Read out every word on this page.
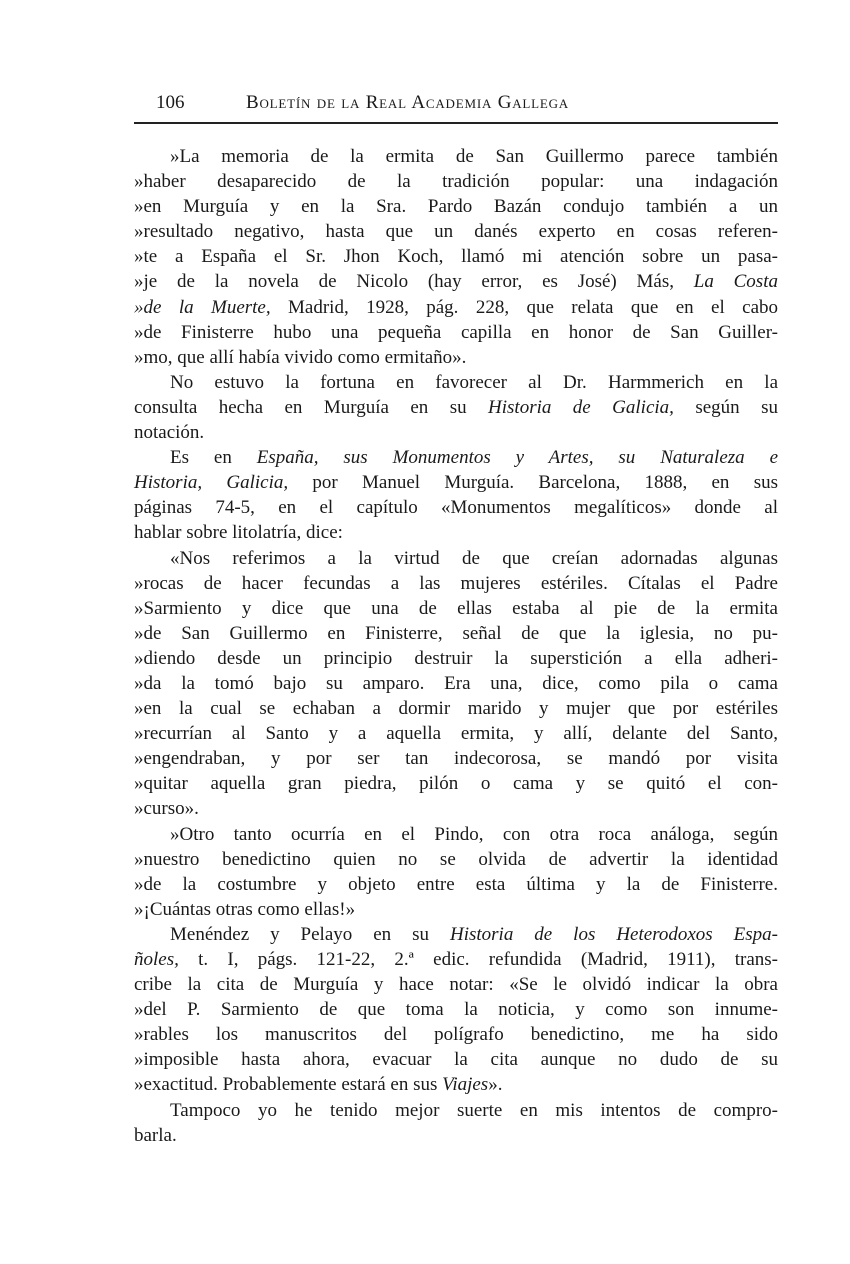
106	Boletín de la Real Academia Gallega
»La memoria de la ermita de San Guillermo parece también
»haber desaparecido de la tradición popular: una indagación
»en Murguía y en la Sra. Pardo Bazán condujo también a un
»resultado negativo, hasta que un danés experto en cosas referen-
»te a España el Sr. Jhon Koch, llamó mi atención sobre un pasa-
»je de la novela de Nicolo (hay error, es José) Más, La Costa
»de la Muerte, Madrid, 1928, pág. 228, que relata que en el cabo
»de Finisterre hubo una pequeña capilla en honor de San Guiller-
»mo, que allí había vivido como ermitaño».
No estuvo la fortuna en favorecer al Dr. Harmmerich en la
consulta hecha en Murguía en su Historia de Galicia, según su
notación.
Es en España, sus Monumentos y Artes, su Naturaleza e
Historia, Galicia, por Manuel Murguía. Barcelona, 1888, en sus
páginas 74-5, en el capítulo «Monumentos megalíticos» donde al
hablar sobre litolatría, dice:
«Nos referimos a la virtud de que creían adornadas algunas
»rocas de hacer fecundas a las mujeres estériles. Cítalas el Padre
»Sarmiento y dice que una de ellas estaba al pie de la ermita
»de San Guillermo en Finisterre, señal de que la iglesia, no pu-
»diendo desde un principio destruir la superstición a ella adheri-
»da la tomó bajo su amparo. Era una, dice, como pila o cama
»en la cual se echaban a dormir marido y mujer que por estériles
»recurrían al Santo y a aquella ermita, y allí, delante del Santo,
»engendraban, y por ser tan indecorosa, se mandó por visita
»quitar aquella gran piedra, pilón o cama y se quitó el con-
»curso».
»Otro tanto ocurría en el Pindo, con otra roca análoga, según
»nuestro benedictino quien no se olvida de advertir la identidad
»de la costumbre y objeto entre esta última y la de Finisterre.
»¡Cuántas otras como ellas!»
Menéndez y Pelayo en su Historia de los Heterodoxos Espa-
ñoles, t. I, págs. 121-22, 2.ª edic. refundida (Madrid, 1911), trans-
cribe la cita de Murguía y hace notar: «Se le olvidó indicar la obra
»del P. Sarmiento de que toma la noticia, y como son innume-
»rables los manuscritos del polígrafo benedictino, me ha sido
»imposible hasta ahora, evacuar la cita aunque no dudo de su
»exactitud. Probablemente estará en sus Viajes».
Tampoco yo he tenido mejor suerte en mis intentos de compro-
barla.
